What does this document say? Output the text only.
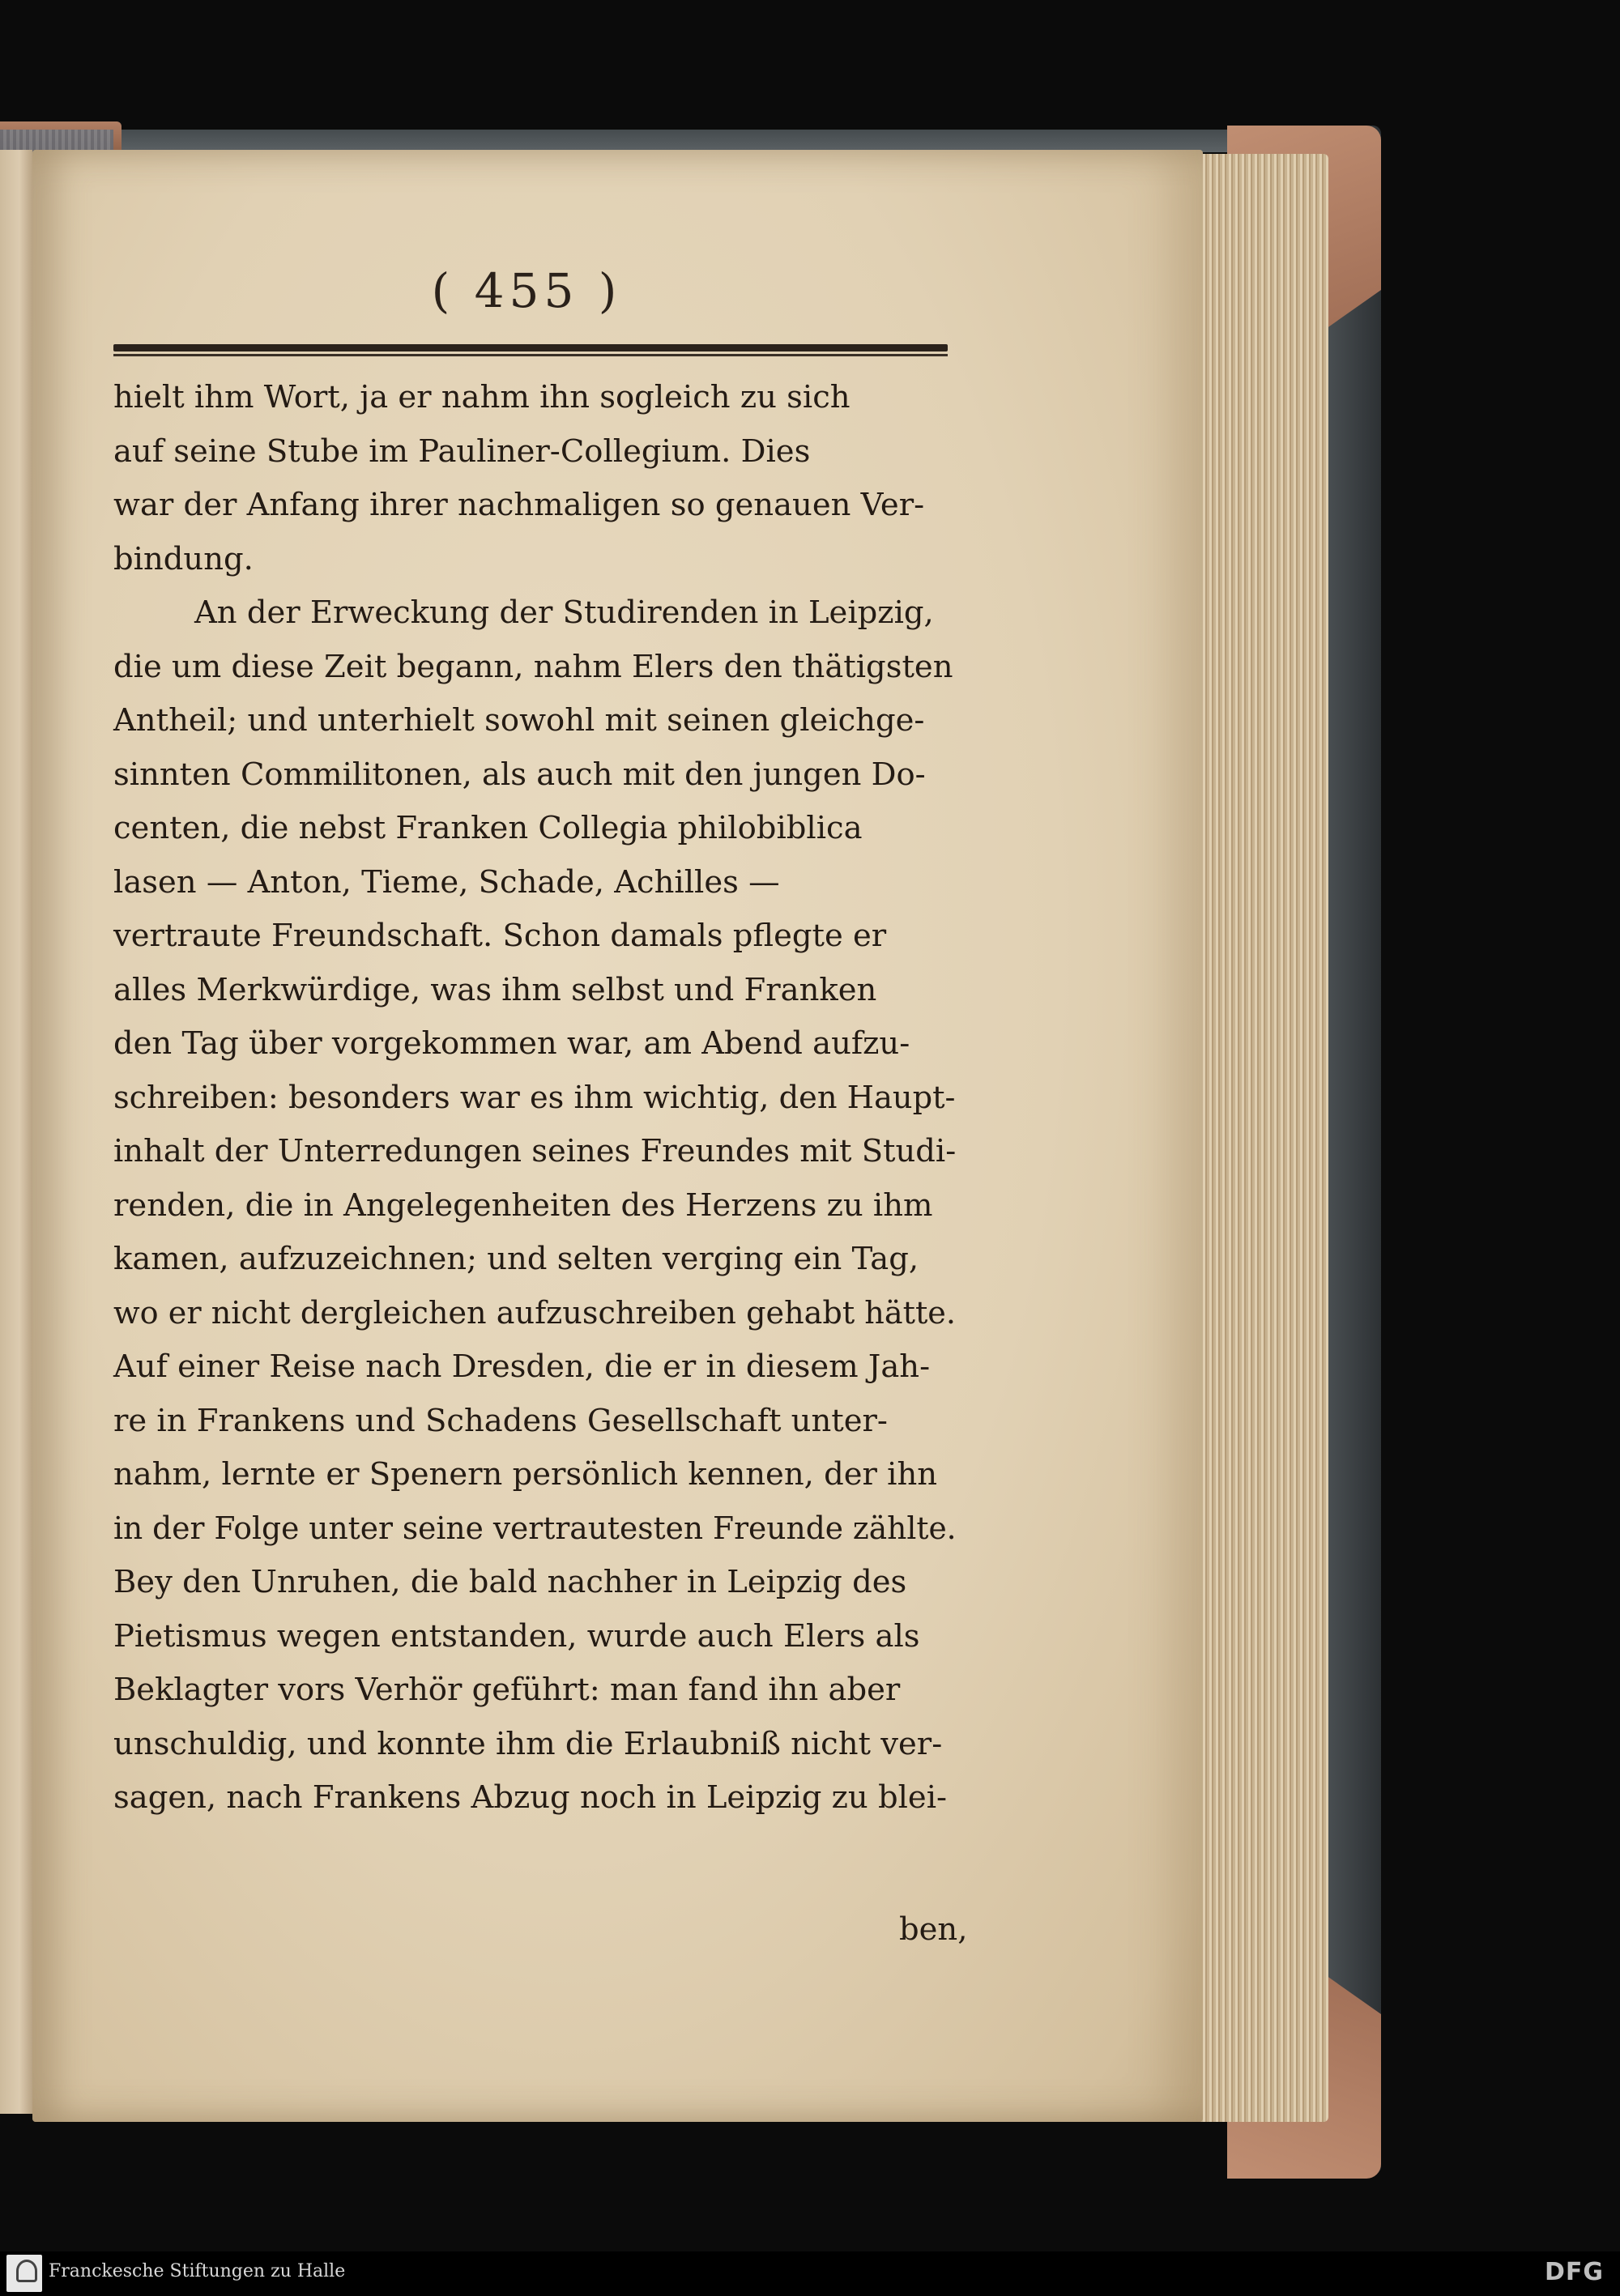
( 455 )
hielt ihm Wort, ja er nahm ihn sogleich zu sich
auf seine Stube im Pauliner-Collegium. Dies
war der Anfang ihrer nachmaligen so genauen Ver-
bindung.
An der Erweckung der Studirenden in Leipzig,
die um diese Zeit begann, nahm Elers den thätigsten
Antheil; und unterhielt sowohl mit seinen gleichge-
sinnten Commilitonen, als auch mit den jungen Do-
centen, die nebst Franken Collegia philobiblica
lasen — Anton, Tieme, Schade, Achilles —
vertraute Freundschaft. Schon damals pflegte er
alles Merkwürdige, was ihm selbst und Franken
den Tag über vorgekommen war, am Abend aufzu-
schreiben: besonders war es ihm wichtig, den Haupt-
inhalt der Unterredungen seines Freundes mit Studi-
renden, die in Angelegenheiten des Herzens zu ihm
kamen, aufzuzeichnen; und selten verging ein Tag,
wo er nicht dergleichen aufzuschreiben gehabt hätte.
Auf einer Reise nach Dresden, die er in diesem Jah-
re in Frankens und Schadens Gesellschaft unter-
nahm, lernte er Spenern persönlich kennen, der ihn
in der Folge unter seine vertrautesten Freunde zählte.
Bey den Unruhen, die bald nachher in Leipzig des
Pietismus wegen entstanden, wurde auch Elers als
Beklagter vors Verhör geführt: man fand ihn aber
unschuldig, und konnte ihm die Erlaubniß nicht ver-
sagen, nach Frankens Abzug noch in Leipzig zu blei-
ben,
Franckesche Stiftungen zu Halle	DFG
